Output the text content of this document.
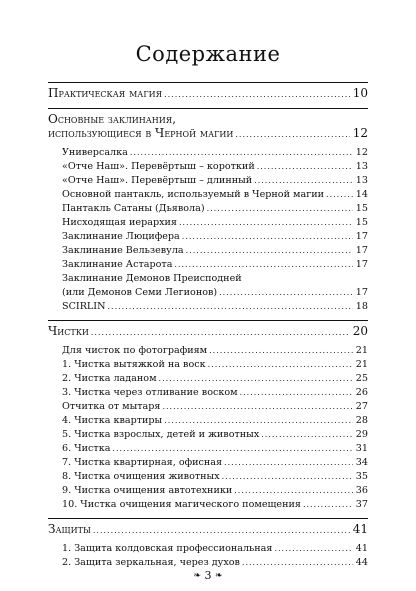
Содержание
Практическая магия .....	10
Основные заклинания,
использующиеся в Черной магии .....	12
Универсалка .....	12
«Отче Наш». Перевёртыш – короткий .....	13
«Отче Наш». Перевёртыш – длинный .....	13
Основной пантакль, используемый в Черной магии .....	14
Пантакль Сатаны (Дьявола) .....	15
Нисходящая иерархия .....	15
Заклинание Люцифера .....	17
Заклинание Вельзевула .....	17
Заклинание Астарота .....	17
Заклинание Демонов Преисподней
(или Демонов Семи Легионов) .....	17
SCIRLIN .....	18
Чистки .....	20
Для чисток по фотографиям .....	21
1. Чистка вытяжкой на воск .....	21
2. Чистка ладаном .....	25
3. Чистка через отливание воском .....	26
Отчитка от мытаря .....	27
4. Чистка квартиры .....	28
5. Чистка взрослых, детей и животных .....	29
6. Чистка .....	31
7. Чистка квартирная, офисная .....	34
8. Чистка очищения животных .....	35
9. Чистка очищения автотехники .....	36
10. Чистка очищения магического помещения .....	37
Защиты .....	41
1. Защита колдовская профессиональная .....	41
2. Защита зеркальная, через духов .....	44
❧ 3 ❧
